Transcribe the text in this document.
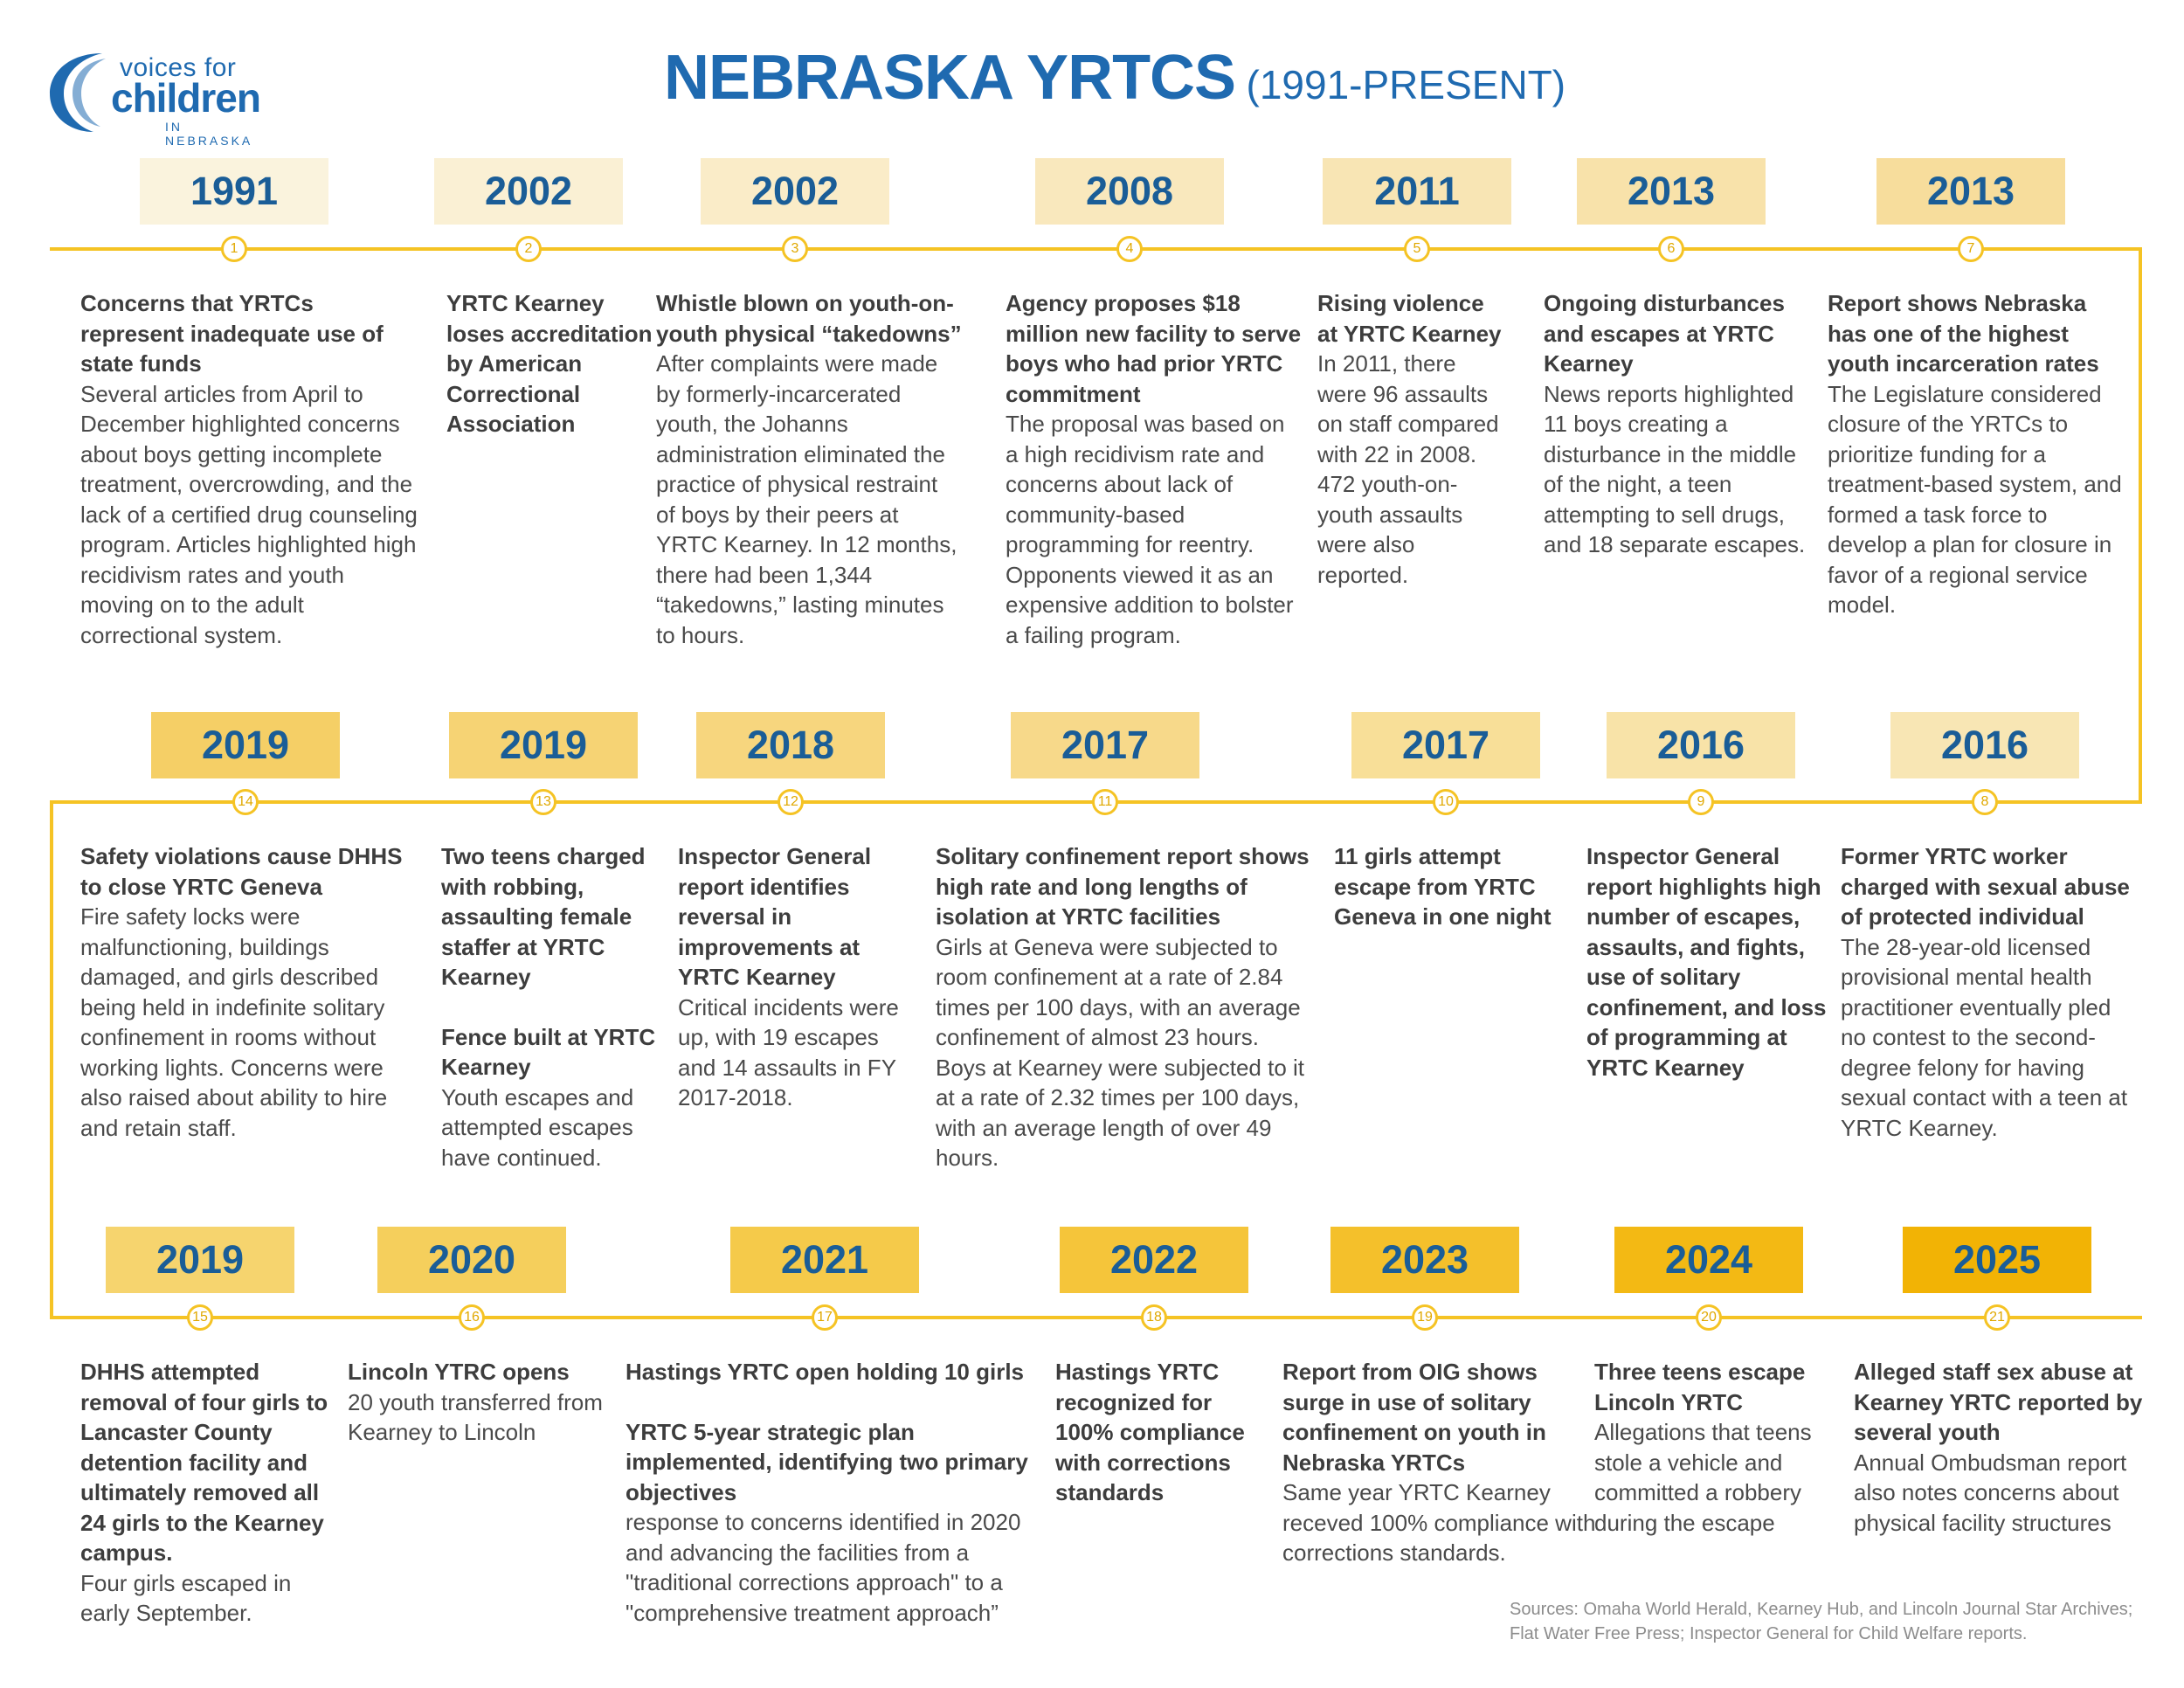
voices for
children
IN NEBRASKA
NEBRASKA YRTCS (1991-PRESENT)
1991
1
Concerns that YRTCs represent inadequate use of state funds
Several articles from April to December highlighted concerns about boys getting incomplete treatment, overcrowding, and the lack of a certified drug counseling program. Articles highlighted high recidivism rates and youth moving on to the adult correctional system.
2002
2
YRTC Kearney loses accreditation by American Correctional Association
2002
3
Whistle blown on youth-on-youth physical “takedowns”
After complaints were made by formerly-incarcerated youth, the Johanns administration eliminated the practice of physical restraint of boys by their peers at YRTC Kearney. In 12 months, there had been 1,344 “takedowns,” lasting minutes to hours.
2008
4
Agency proposes $18 million new facility to serve boys who had prior YRTC commitment
The proposal was based on a high recidivism rate and concerns about lack of community-based programming for reentry. Opponents viewed it as an expensive addition to bolster a failing program.
2011
5
Rising violence at YRTC Kearney
In 2011, there were 96 assaults on staff compared with 22 in 2008. 472 youth-on-youth assaults were also reported.
2013
6
Ongoing disturbances and escapes at YRTC Kearney
News reports highlighted 11 boys creating a disturbance in the middle of the night, a teen attempting to sell drugs, and 18 separate escapes.
2013
7
Report shows Nebraska has one of the highest youth incarceration rates
The Legislature considered closure of the YRTCs to prioritize funding for a treatment-based system, and formed a task force to develop a plan for closure in favor of a regional service model.
2016
8
Former YRTC worker charged with sexual abuse of protected individual
The 28-year-old licensed provisional mental health practitioner eventually pled no contest to the second-degree felony for having sexual contact with a teen at YRTC Kearney.
2016
9
Inspector General report highlights high number of escapes, assaults, and fights, use of solitary confinement, and loss of programming at YRTC Kearney
2017
10
11 girls attempt escape from YRTC Geneva in one night
2017
11
Solitary confinement report shows high rate and long lengths of isolation at YRTC facilities
Girls at Geneva were subjected to room confinement at a rate of 2.84 times per 100 days, with an average confinement of almost 23 hours. Boys at Kearney were subjected to it at a rate of 2.32 times per 100 days, with an average length of over 49 hours.
2018
12
Inspector General report identifies reversal in improvements at YRTC Kearney
Critical incidents were up, with 19 escapes and 14 assaults in FY 2017-2018.
2019
13
Two teens charged with robbing, assaulting female staffer at YRTC Kearney
Fence built at YRTC Kearney
Youth escapes and attempted escapes have continued.
2019
14
Safety violations cause DHHS to close YRTC Geneva
Fire safety locks were malfunctioning, buildings damaged, and girls described being held in indefinite solitary confinement in rooms without working lights. Concerns were also raised about ability to hire and retain staff.
2019
15
DHHS attempted removal of four girls to Lancaster County detention facility and ultimately removed all 24 girls to the Kearney campus.
Four girls escaped in early September.
2020
16
Lincoln YTRC opens
20 youth transferred from Kearney to Lincoln
2021
17
Hastings YRTC open holding 10 girls
YRTC 5-year strategic plan implemented, identifying two primary objectives
response to concerns identified in 2020 and advancing the facilities from a "traditional corrections approach" to a "comprehensive treatment approach”
2022
18
Hastings YRTC recognized for 100% compliance with corrections standards
2023
19
Report from OIG shows surge in use of solitary confinement on youth in Nebraska YRTCs
Same year YRTC Kearney receved 100% compliance with corrections standards.
2024
20
Three teens escape Lincoln YRTC
Allegations that teens stole a vehicle and committed a robbery during the escape
2025
21
Alleged staff sex abuse at Kearney YRTC reported by several youth
Annual Ombudsman report also notes concerns about physical facility structures
Sources: Omaha World Herald, Kearney Hub, and Lincoln Journal Star Archives; Flat Water Free Press; Inspector General for Child Welfare reports.
